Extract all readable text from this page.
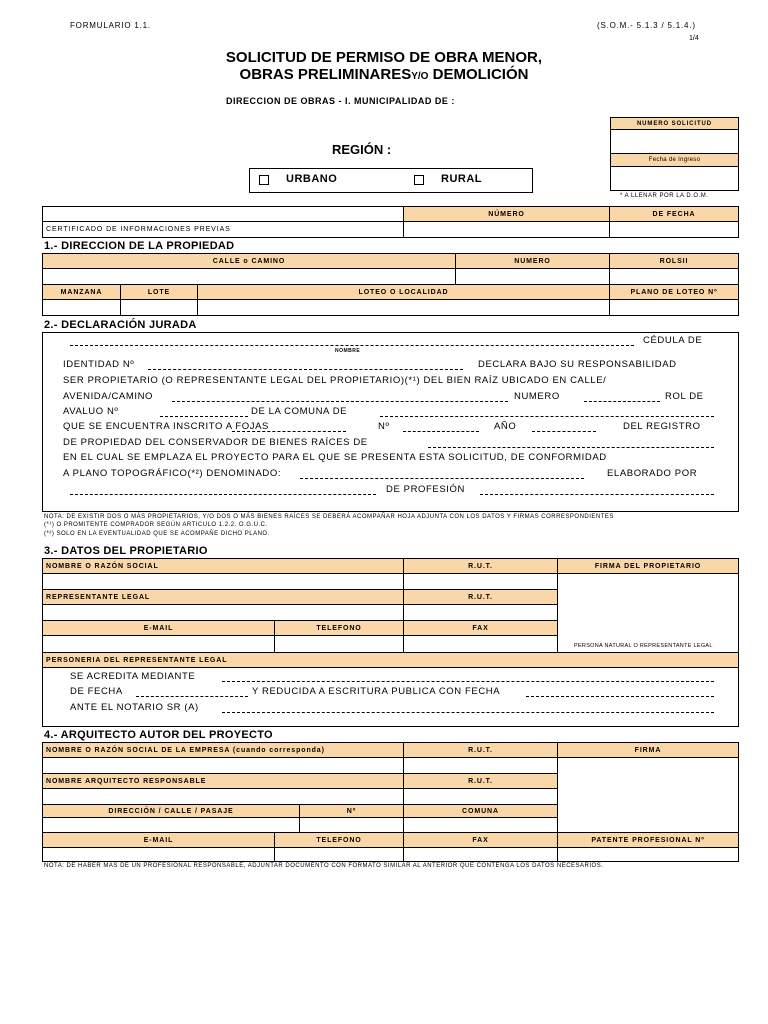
FORMULARIO 1.1.	(S.O.M.- 5.1.3 / 5.1.4.)
1/4
SOLICITUD DE PERMISO DE OBRA MENOR,
OBRAS PRELIMINARESY/O DEMOLICIÓN
DIRECCION DE OBRAS - I. MUNICIPALIDAD DE :
REGIÓN :
URBANO	RURAL
NUMERO SOLICITUD
Fecha de Ingreso
* A LLENAR POR LA D.O.M.
NÚMERO	DE FECHA
CERTIFICADO DE INFORMACIONES PREVIAS
1.- DIRECCION DE LA PROPIEDAD
CALLE o CAMINO	NUMERO	ROLSII
MANZANA	LOTE	LOTEO O LOCALIDAD	PLANO DE LOTEO Nº
2.- DECLARACIÓN JURADA
CÉDULA DE
NOMBRE
IDENTIDAD Nº	DECLARA BAJO SU RESPONSABILIDAD
SER PROPIETARIO (O REPRESENTANTE LEGAL DEL PROPIETARIO)(*¹) DEL BIEN RAÍZ UBICADO EN CALLE/
AVENIDA/CAMINO	NUMERO	ROL DE
AVALUO Nº	DE LA COMUNA DE
QUE SE ENCUENTRA INSCRITO A FOJAS	Nº	AÑO	DEL REGISTRO
DE PROPIEDAD DEL CONSERVADOR DE BIENES RAÍCES DE
EN EL CUAL SE EMPLAZA EL PROYECTO PARA EL QUE SE PRESENTA ESTA SOLICITUD, DE CONFORMIDAD
A PLANO TOPOGRÁFICO(*²) DENOMINADO:	ELABORADO POR
DE PROFESIÓN
NOTA: DE EXISTIR DOS O MÁS PROPIETARIOS, Y/O DOS O MÁS BIENES RAÍCES SE DEBERÁ ACOMPAÑAR HOJA ADJUNTA CON LOS DATOS Y FIRMAS CORRESPONDIENTES
(*¹) O PROMITENTE COMPRADOR SEGÚN ARTICULO 1.2.2. O.G.U.C.
(*²) SOLO EN LA EVENTUALIDAD QUE SE ACOMPAÑE DICHO PLANO.
3.- DATOS DEL PROPIETARIO
NOMBRE O RAZÓN SOCIAL	R.U.T.	FIRMA DEL PROPIETARIO
PERSONA NATURAL O REPRESENTANTE LEGAL
REPRESENTANTE LEGAL	R.U.T.
E-MAIL	TELEFONO	FAX
PERSONERIA DEL REPRESENTANTE LEGAL
SE ACREDITA MEDIANTE
DE FECHA	Y REDUCIDA A ESCRITURA PUBLICA CON FECHA
ANTE EL NOTARIO SR (A)
4.- ARQUITECTO AUTOR DEL PROYECTO
NOMBRE O RAZÓN SOCIAL DE LA EMPRESA (cuando corresponda)	R.U.T.	FIRMA
NOMBRE ARQUITECTO RESPONSABLE	R.U.T.
DIRECCIÓN / CALLE / PASAJE	Nº	COMUNA
E-MAIL	TELEFONO	FAX	PATENTE PROFESIONAL Nº
NOTA: DE HABER MAS DE UN PROFESIONAL RESPONSABLE, ADJUNTAR DOCUMENTO CON FORMATO SIMILAR AL ANTERIOR QUE CONTENGA LOS DATOS NECESARIOS.
